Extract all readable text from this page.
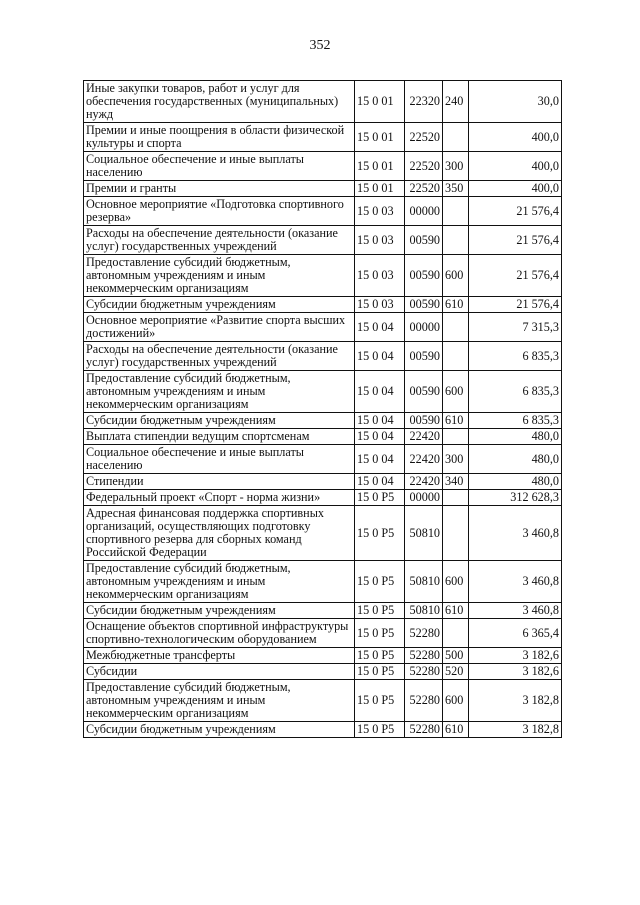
352
Иные закупки товаров, работ и услуг для обеспечения государственных (муниципальных) нужд	15 0 01	22320	240	30,0
Премии и иные поощрения в области физической культуры и спорта	15 0 01	22520		400,0
Социальное обеспечение и иные выплаты населению	15 0 01	22520	300	400,0
Премии и гранты	15 0 01	22520	350	400,0
Основное мероприятие «Подготовка спортивного резерва»	15 0 03	00000		21 576,4
Расходы на обеспечение деятельности (оказание услуг) государственных учреждений	15 0 03	00590		21 576,4
Предоставление субсидий бюджетным, автономным учреждениям и иным некоммерческим организациям	15 0 03	00590	600	21 576,4
Субсидии бюджетным учреждениям	15 0 03	00590	610	21 576,4
Основное мероприятие «Развитие спорта высших достижений»	15 0 04	00000		7 315,3
Расходы на обеспечение деятельности (оказание услуг) государственных учреждений	15 0 04	00590		6 835,3
Предоставление субсидий бюджетным, автономным учреждениям и иным некоммерческим организациям	15 0 04	00590	600	6 835,3
Субсидии бюджетным учреждениям	15 0 04	00590	610	6 835,3
Выплата стипендии ведущим спортсменам	15 0 04	22420		480,0
Социальное обеспечение и иные выплаты населению	15 0 04	22420	300	480,0
Стипендии	15 0 04	22420	340	480,0
Федеральный проект «Спорт - норма жизни»	15 0 P5	00000		312 628,3
Адресная финансовая поддержка спортивных организаций, осуществляющих подготовку спортивного резерва для сборных команд Российской Федерации	15 0 P5	50810		3 460,8
Предоставление субсидий бюджетным, автономным учреждениям и иным некоммерческим организациям	15 0 P5	50810	600	3 460,8
Субсидии бюджетным учреждениям	15 0 P5	50810	610	3 460,8
Оснащение объектов спортивной инфраструктуры спортивно-технологическим оборудованием	15 0 P5	52280		6 365,4
Межбюджетные трансферты	15 0 P5	52280	500	3 182,6
Субсидии	15 0 P5	52280	520	3 182,6
Предоставление субсидий бюджетным, автономным учреждениям и иным некоммерческим организациям	15 0 P5	52280	600	3 182,8
Субсидии бюджетным учреждениям	15 0 P5	52280	610	3 182,8
